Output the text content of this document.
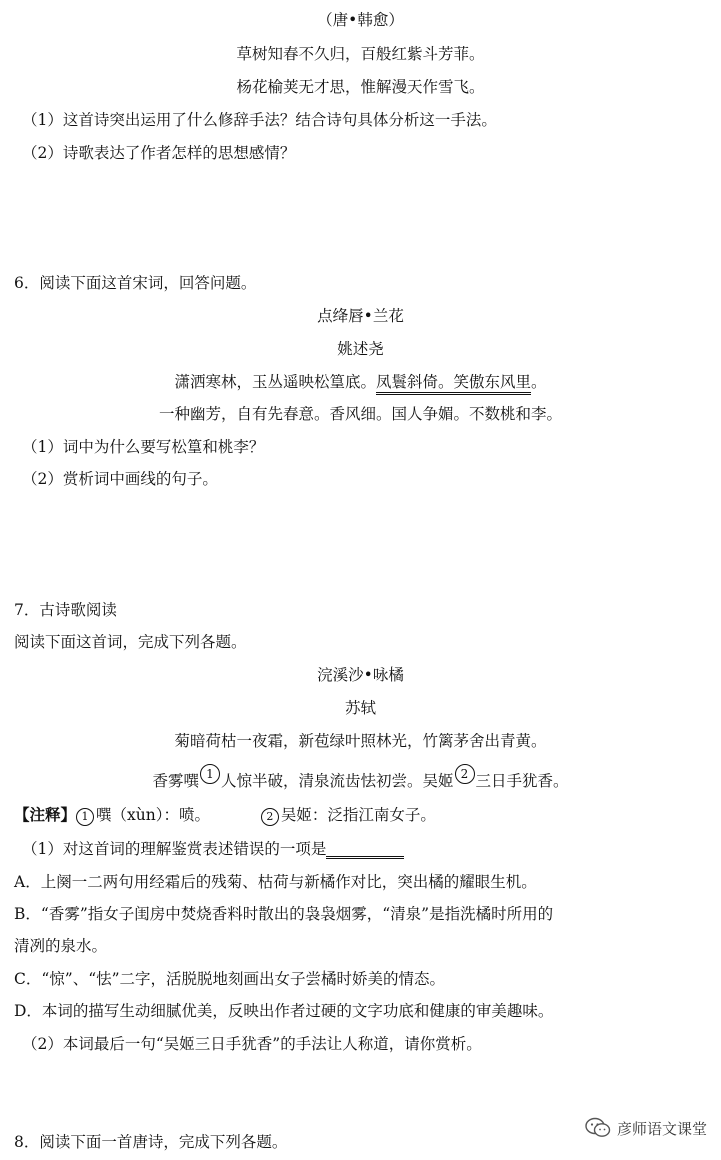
（唐•韩愈）
草树知春不久归，百般红紫斗芳菲。
杨花榆荚无才思，惟解漫天作雪飞。
（1）这首诗突出运用了什么修辞手法？结合诗句具体分析这一手法。
（2）诗歌表达了作者怎样的思想感情？
6．阅读下面这首宋词，回答问题。
点绛唇•兰花
姚述尧
潇洒寒林，玉丛遥映松篁底。凤鬟斜倚。笑傲东风里。
一种幽芳，自有先春意。香风细。国人争媚。不数桃和李。
（1）词中为什么要写松篁和桃李？
（2）赏析词中画线的句子。
7．古诗歌阅读
阅读下面这首词，完成下列各题。
浣溪沙•咏橘
苏轼
菊暗荷枯一夜霜，新苞绿叶照林光，竹篱茅舍出青黄。
香雾噀 1 人惊半破，清泉流齿怯初尝。吴姬 2 三日手犹香。
【注释】 1 噀（xùn）：喷。	2 吴姬：泛指江南女子。
（1）对这首词的理解鉴赏表述错误的一项是
A．上阕一二两句用经霜后的残菊、枯荷与新橘作对比，突出橘的耀眼生机。
B．“香雾”指女子闺房中焚烧香料时散出的袅袅烟雾，“清泉”是指洗橘时所用的
清冽的泉水。
C．“惊”、“怯”二字，活脱脱地刻画出女子尝橘时娇美的情态。
D．本词的描写生动细腻优美，反映出作者过硬的文字功底和健康的审美趣味。
（2）本词最后一句“吴姬三日手犹香”的手法让人称道，请你赏析。
8．阅读下面一首唐诗，完成下列各题。
彦师语文课堂
